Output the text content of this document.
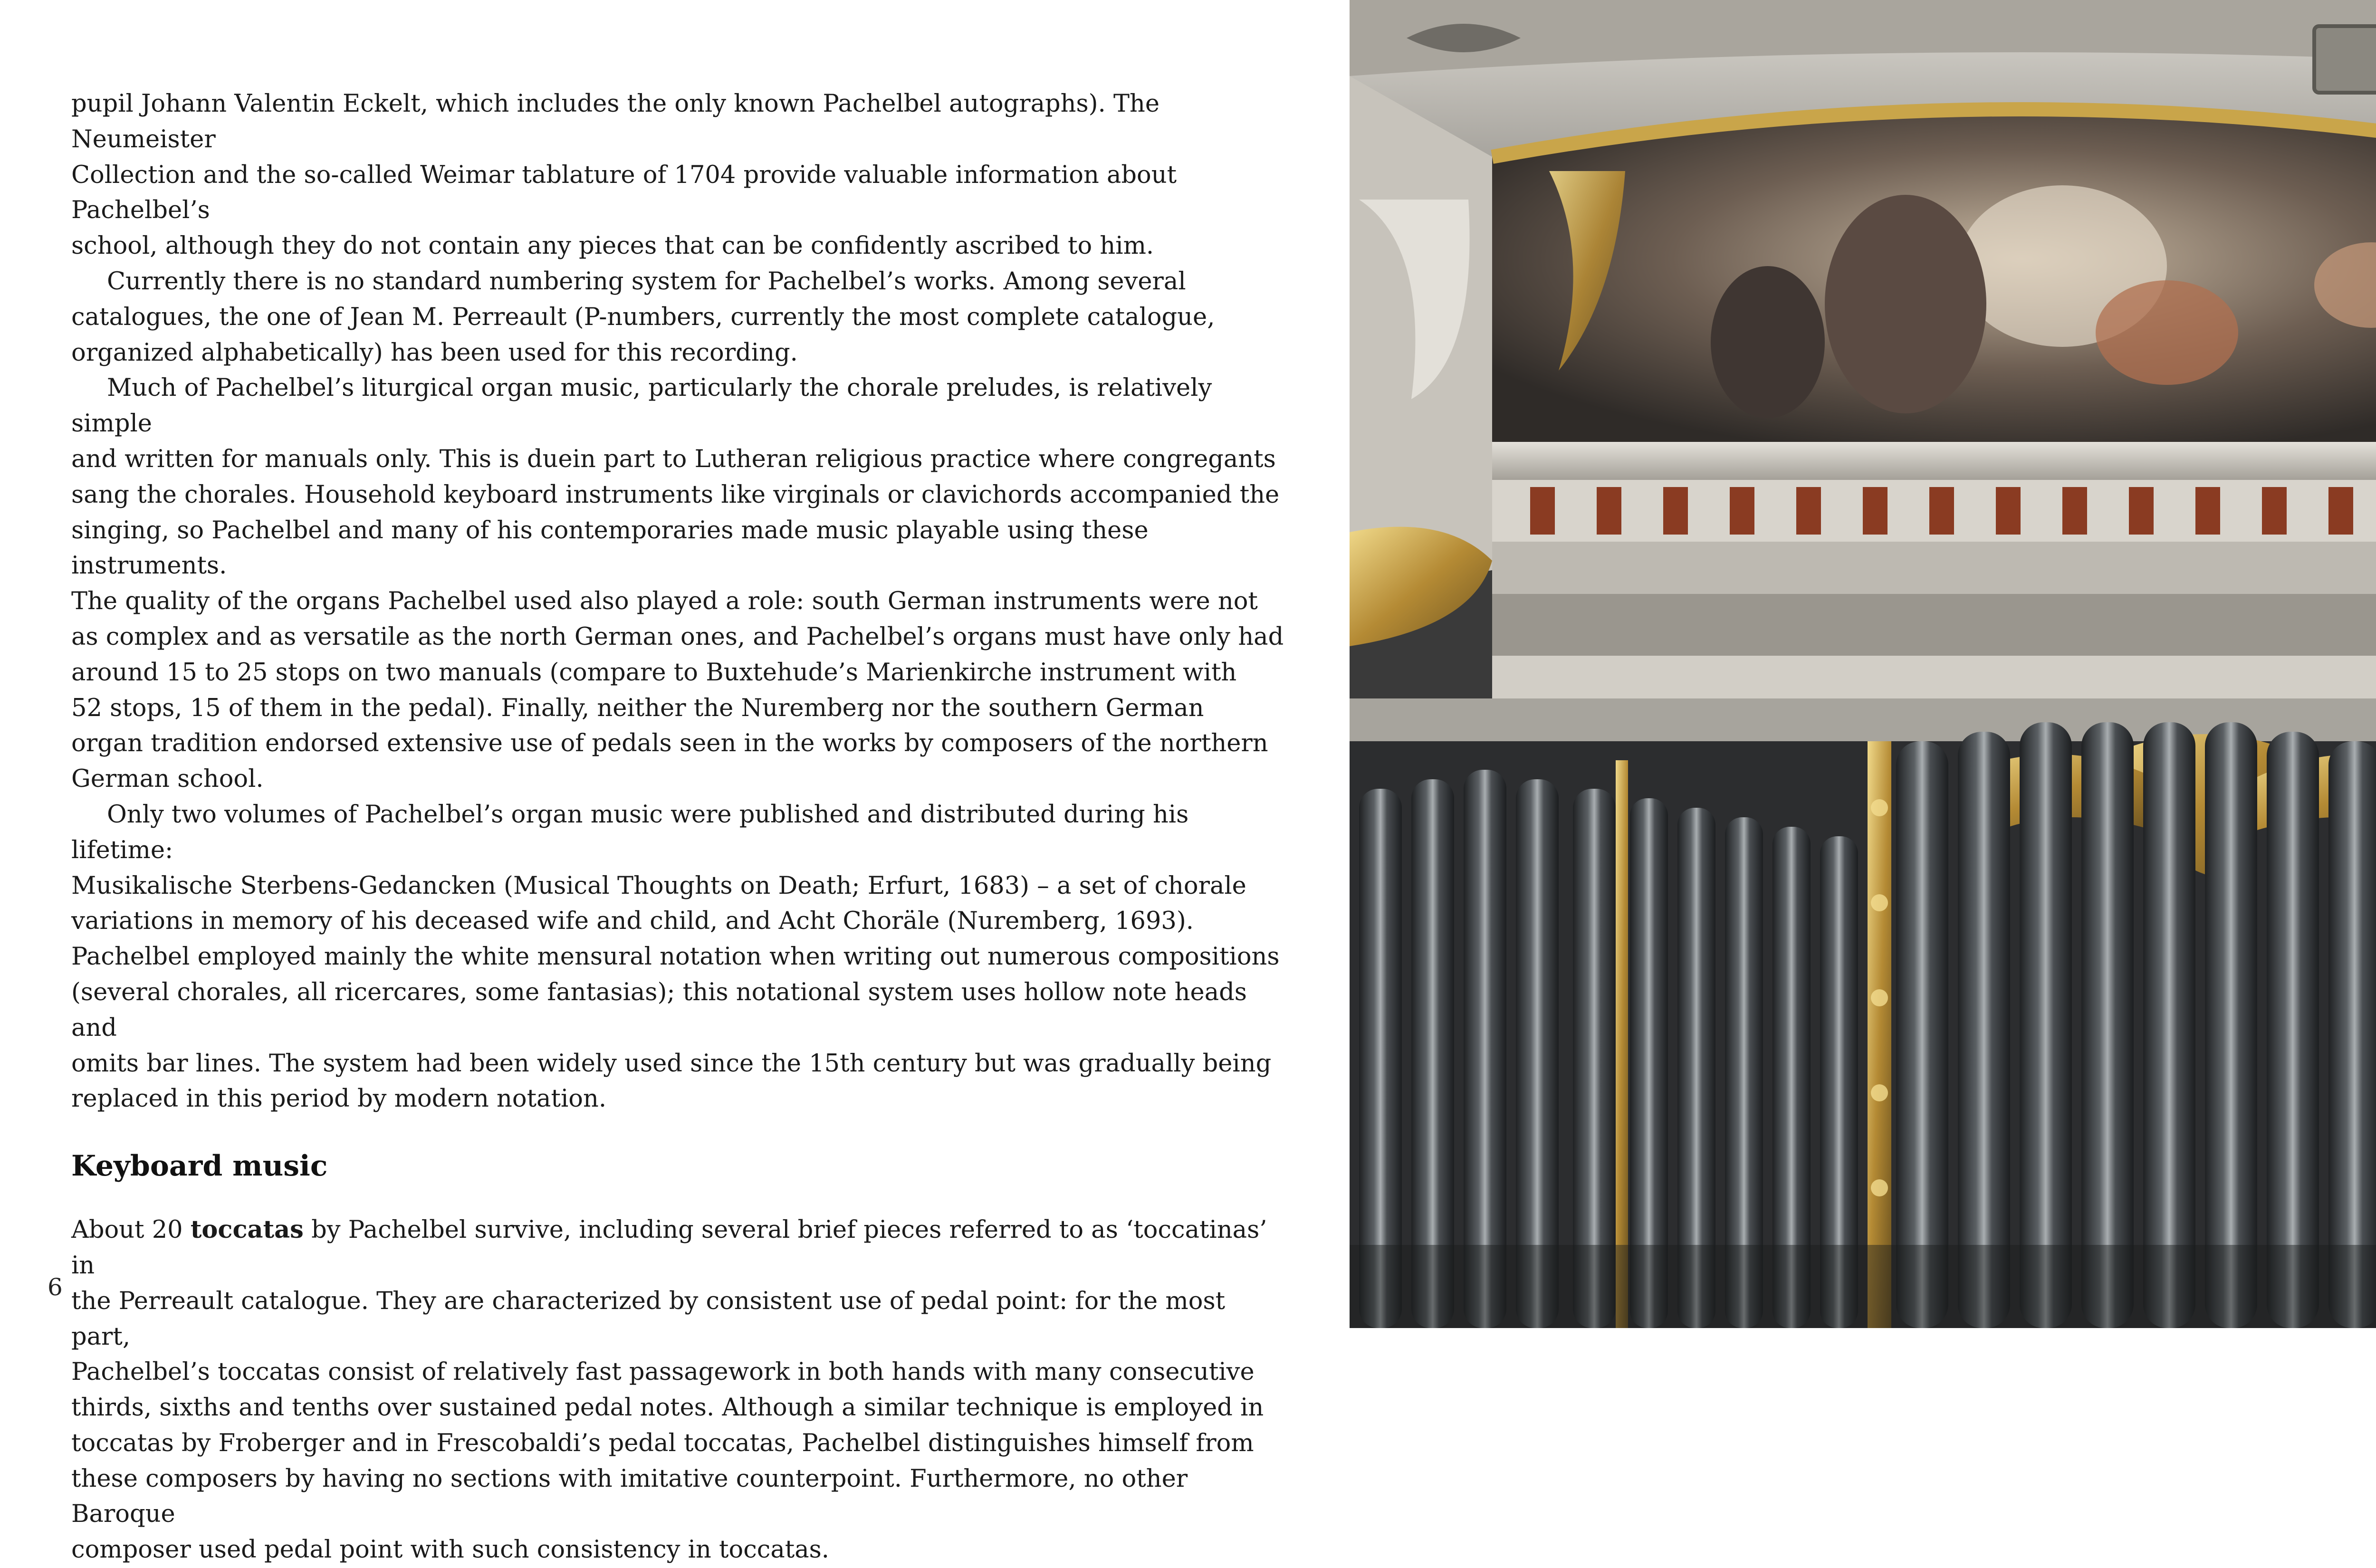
pupil Johann Valentin Eckelt, which includes the only known Pachelbel autographs). The Neumeister
Collection and the so-called Weimar tablature of 1704 provide valuable information about Pachelbel’s
school, although they do not contain any pieces that can be confidently ascribed to him.

Currently there is no standard numbering system for Pachelbel’s works. Among several
catalogues, the one of Jean M. Perreault (P-numbers, currently the most complete catalogue,
organized alphabetically) has been used for this recording.

Much of Pachelbel’s liturgical organ music, particularly the chorale preludes, is relatively simple
and written for manuals only. This is duein part to Lutheran religious practice where congregants
sang the chorales. Household keyboard instruments like virginals or clavichords accompanied the
singing, so Pachelbel and many of his contemporaries made music playable using these instruments.
The quality of the organs Pachelbel used also played a role: south German instruments were not
as complex and as versatile as the north German ones, and Pachelbel’s organs must have only had
around 15 to 25 stops on two manuals (compare to Buxtehude’s Marienkirche instrument with
52 stops, 15 of them in the pedal). Finally, neither the Nuremberg nor the southern German
organ tradition endorsed extensive use of pedals seen in the works by composers of the northern
German school.

Only two volumes of Pachelbel’s organ music were published and distributed during his lifetime:
Musikalische Sterbens-Gedancken (Musical Thoughts on Death; Erfurt, 1683) – a set of chorale
variations in memory of his deceased wife and child, and Acht Choräle (Nuremberg, 1693).
Pachelbel employed mainly the white mensural notation when writing out numerous compositions
(several chorales, all ricercares, some fantasias); this notational system uses hollow note heads and
omits bar lines. The system had been widely used since the 15th century but was gradually being
replaced in this period by modern notation.

Keyboard music

About 20 toccatas by Pachelbel survive, including several brief pieces referred to as ‘toccatinas’ in
the Perreault catalogue. They are characterized by consistent use of pedal point: for the most part,
Pachelbel’s toccatas consist of relatively fast passagework in both hands with many consecutive
thirds, sixths and tenths over sustained pedal notes. Although a similar technique is employed in
toccatas by Froberger and in Frescobaldi’s pedal toccatas, Pachelbel distinguishes himself from
these composers by having no sections with imitative counterpoint. Furthermore, no other Baroque
composer used pedal point with such consistency in toccatas.

6
